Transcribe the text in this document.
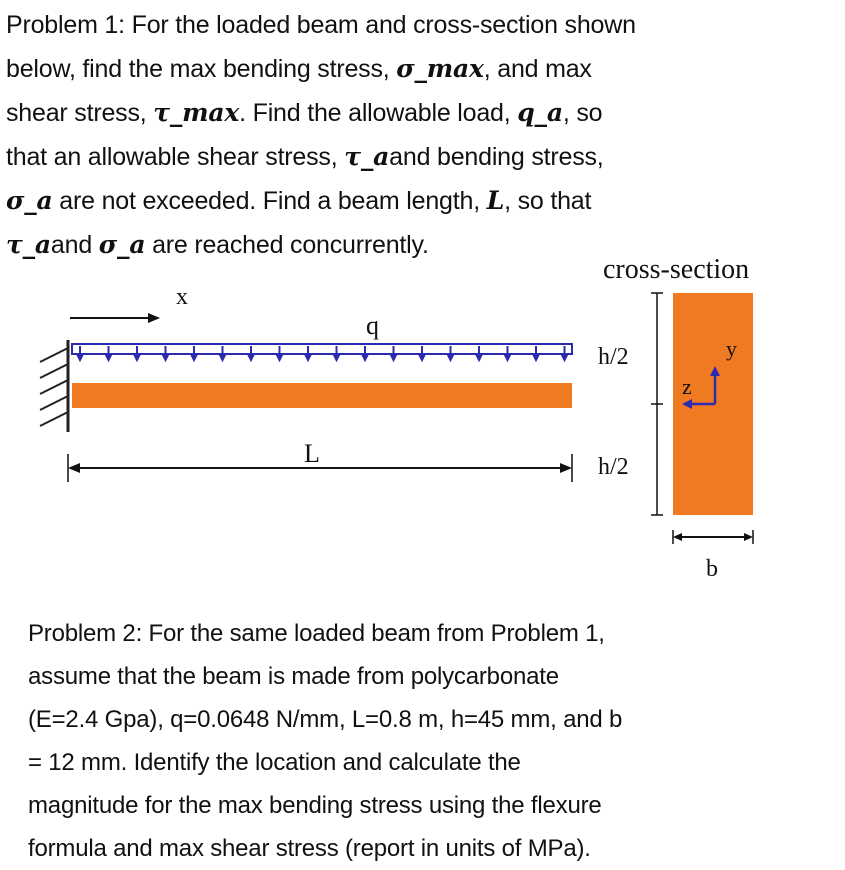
Problem 1: For the loaded beam and cross-section shown
below, find the max bending stress, σ_max, and max
shear stress, τ_max. Find the allowable load, q_a, so
that an allowable shear stress, τ_aand bending stress,
σ_a are not exceeded. Find a beam length, L, so that
τ_aand σ_a are reached concurrently.
cross-section
x
q
L
h/2
h/2
y
z
b
Problem 2: For the same loaded beam from Problem 1,
assume that the beam is made from polycarbonate
(E=2.4 Gpa), q=0.0648 N/mm, L=0.8 m, h=45 mm, and b
= 12 mm. Identify the location and calculate the
magnitude for the max bending stress using the flexure
formula and max shear stress (report in units of MPa).
